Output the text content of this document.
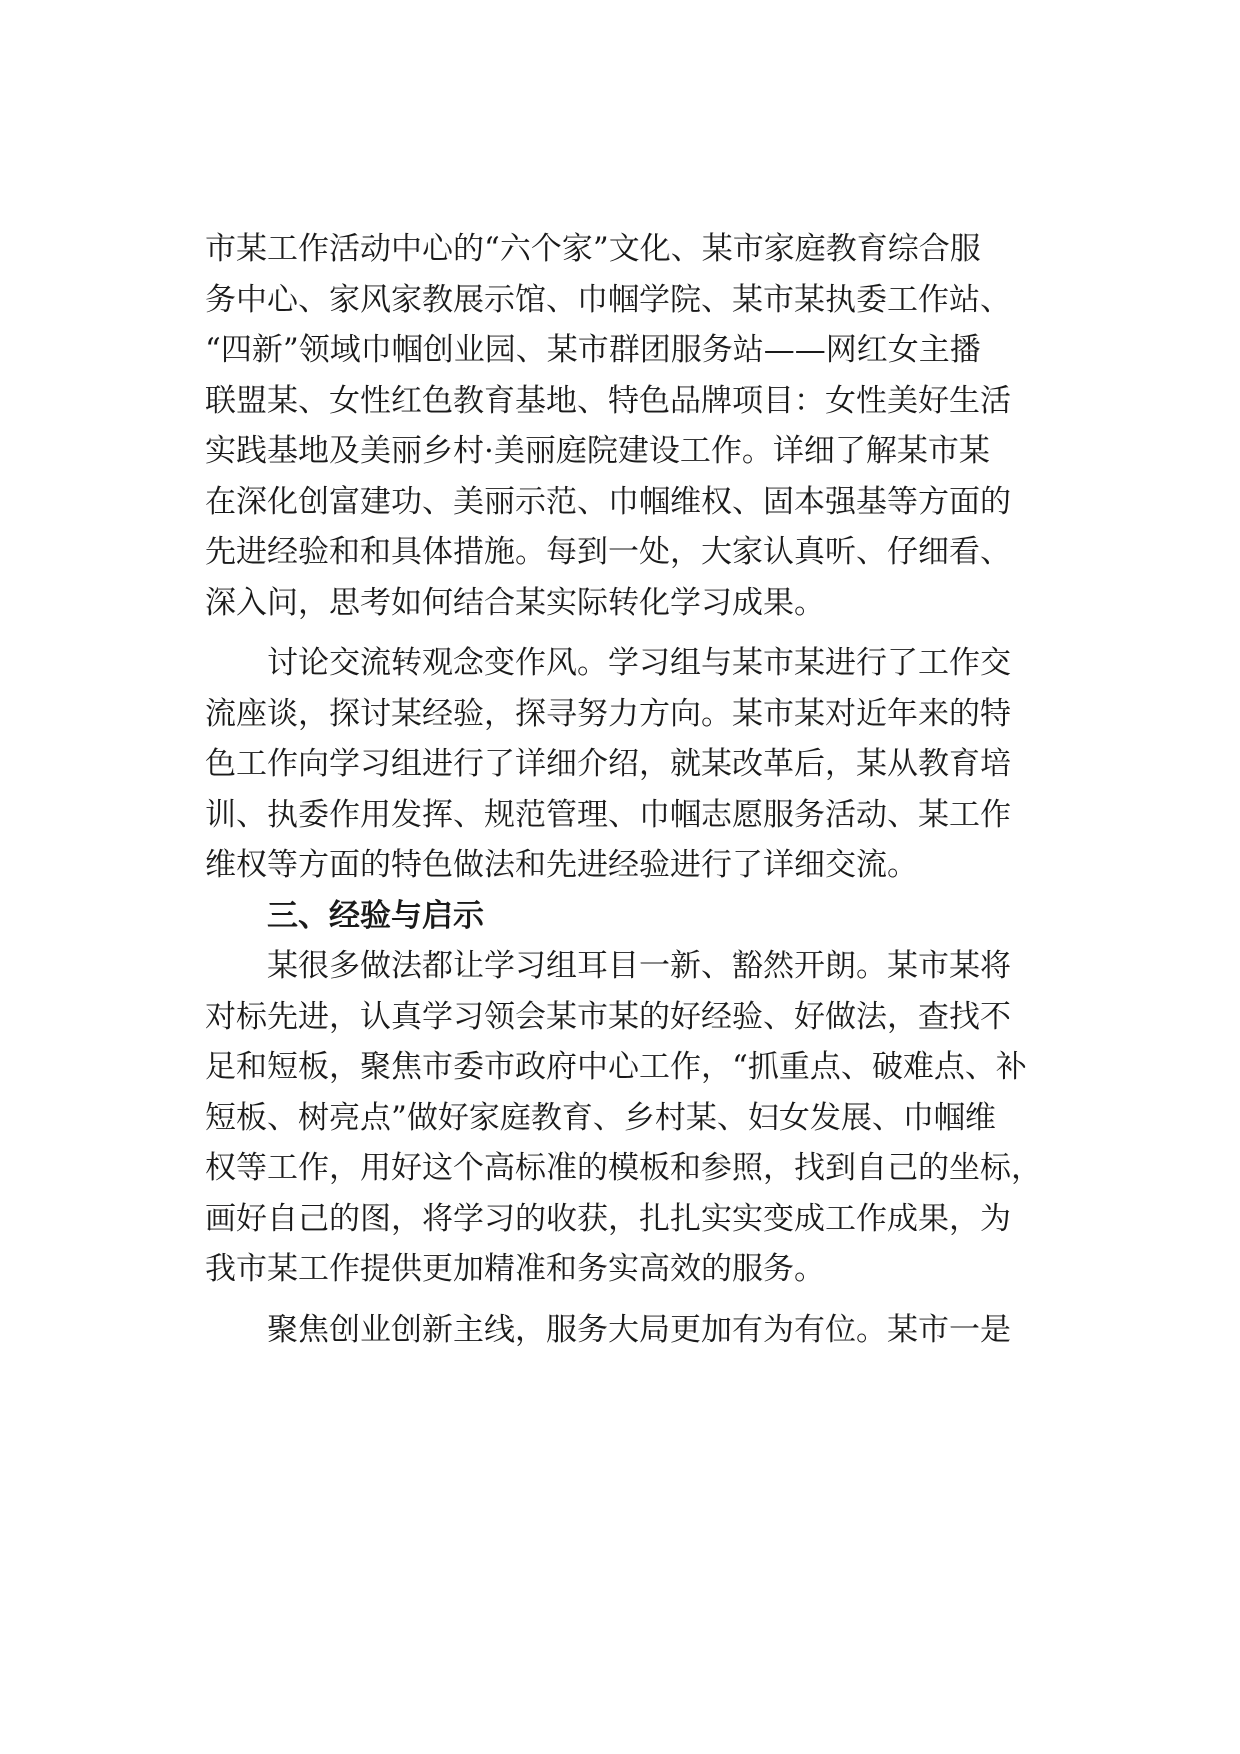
市某工作活动中心的“六个家”文化、某市家庭教育综合服
务中心、家风家教展示馆、巾帼学院、某市某执委工作站、
“四新”领域巾帼创业园、某市群团服务站——网红女主播
联盟某、女性红色教育基地、特色品牌项目：女性美好生活
实践基地及美丽乡村·美丽庭院建设工作。详细了解某市某
在深化创富建功、美丽示范、巾帼维权、固本强基等方面的
先进经验和和具体措施。每到一处，大家认真听、仔细看、
深入问，思考如何结合某实际转化学习成果。
讨论交流转观念变作风。学习组与某市某进行了工作交
流座谈，探讨某经验，探寻努力方向。某市某对近年来的特
色工作向学习组进行了详细介绍，就某改革后，某从教育培
训、执委作用发挥、规范管理、巾帼志愿服务活动、某工作
维权等方面的特色做法和先进经验进行了详细交流。
三、经验与启示
某很多做法都让学习组耳目一新、豁然开朗。某市某将
对标先进，认真学习领会某市某的好经验、好做法，查找不
足和短板，聚焦市委市政府中心工作，“抓重点、破难点、补
短板、树亮点”做好家庭教育、乡村某、妇女发展、巾帼维
权等工作，用好这个高标准的模板和参照，找到自己的坐标，
画好自己的图，将学习的收获，扎扎实实变成工作成果，为
我市某工作提供更加精准和务实高效的服务。
聚焦创业创新主线，服务大局更加有为有位。某市一是
